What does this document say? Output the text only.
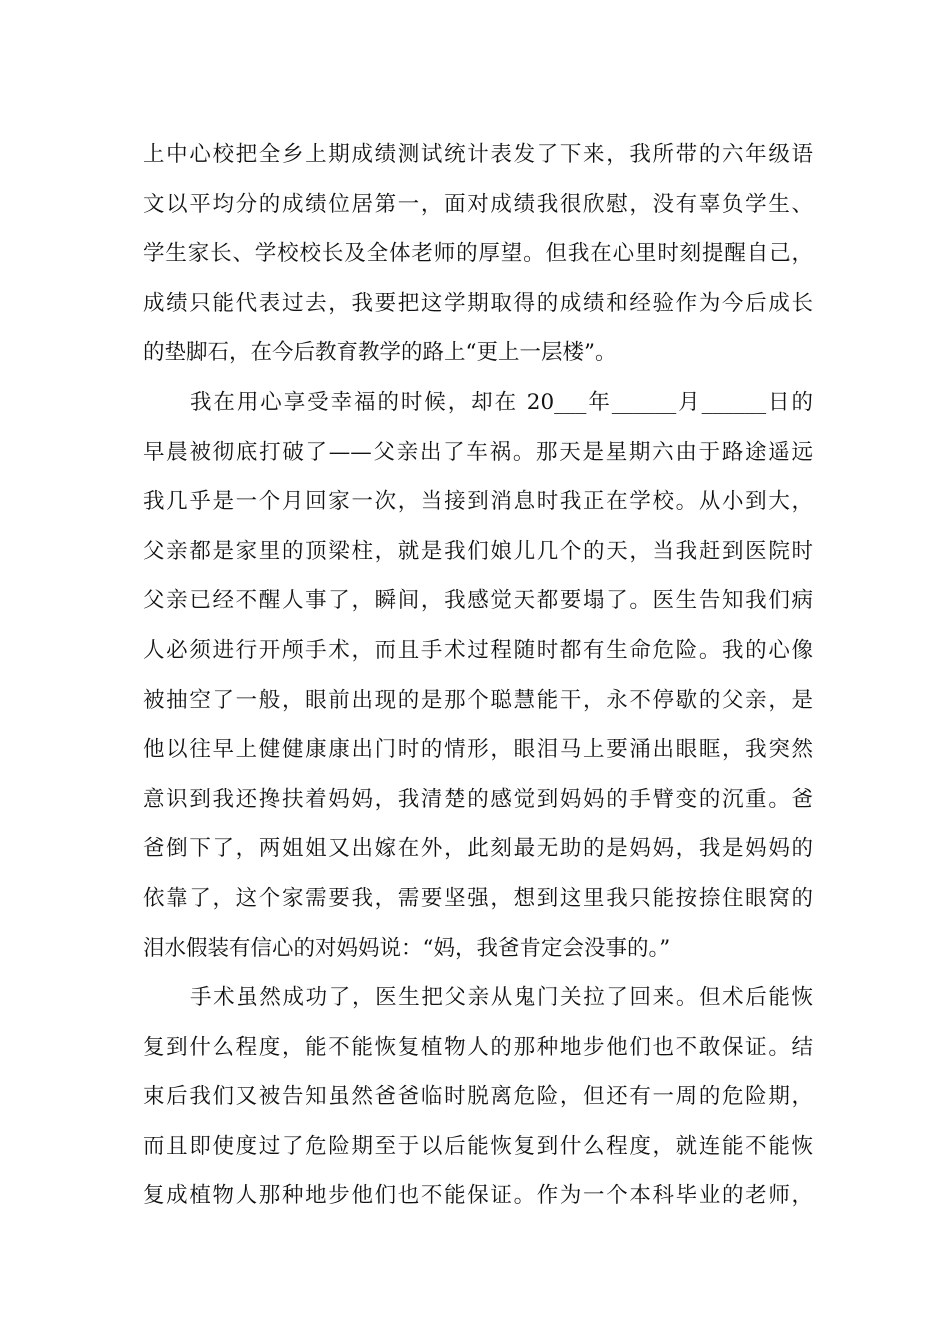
上中心校把全乡上期成绩测试统计表发了下来，我所带的六年级语
文以平均分的成绩位居第一，面对成绩我很欣慰，没有辜负学生、
学生家长、学校校长及全体老师的厚望。但我在心里时刻提醒自己，
成绩只能代表过去，我要把这学期取得的成绩和经验作为今后成长
的垫脚石，在今后教育教学的路上“更上一层楼”。
我在用心享受幸福的时候，却在 20___年______月______日的
早晨被彻底打破了——父亲出了车祸。那天是星期六由于路途遥远
我几乎是一个月回家一次，当接到消息时我正在学校。从小到大，
父亲都是家里的顶梁柱，就是我们娘儿几个的天，当我赶到医院时
父亲已经不醒人事了，瞬间，我感觉天都要塌了。医生告知我们病
人必须进行开颅手术，而且手术过程随时都有生命危险。我的心像
被抽空了一般，眼前出现的是那个聪慧能干，永不停歇的父亲，是
他以往早上健健康康出门时的情形，眼泪马上要涌出眼眶，我突然
意识到我还搀扶着妈妈，我清楚的感觉到妈妈的手臂变的沉重。爸
爸倒下了，两姐姐又出嫁在外，此刻最无助的是妈妈，我是妈妈的
依靠了，这个家需要我，需要坚强，想到这里我只能按捺住眼窝的
泪水假装有信心的对妈妈说：“妈，我爸肯定会没事的。”
手术虽然成功了，医生把父亲从鬼门关拉了回来。但术后能恢
复到什么程度，能不能恢复植物人的那种地步他们也不敢保证。结
束后我们又被告知虽然爸爸临时脱离危险，但还有一周的危险期，
而且即使度过了危险期至于以后能恢复到什么程度，就连能不能恢
复成植物人那种地步他们也不能保证。作为一个本科毕业的老师，
